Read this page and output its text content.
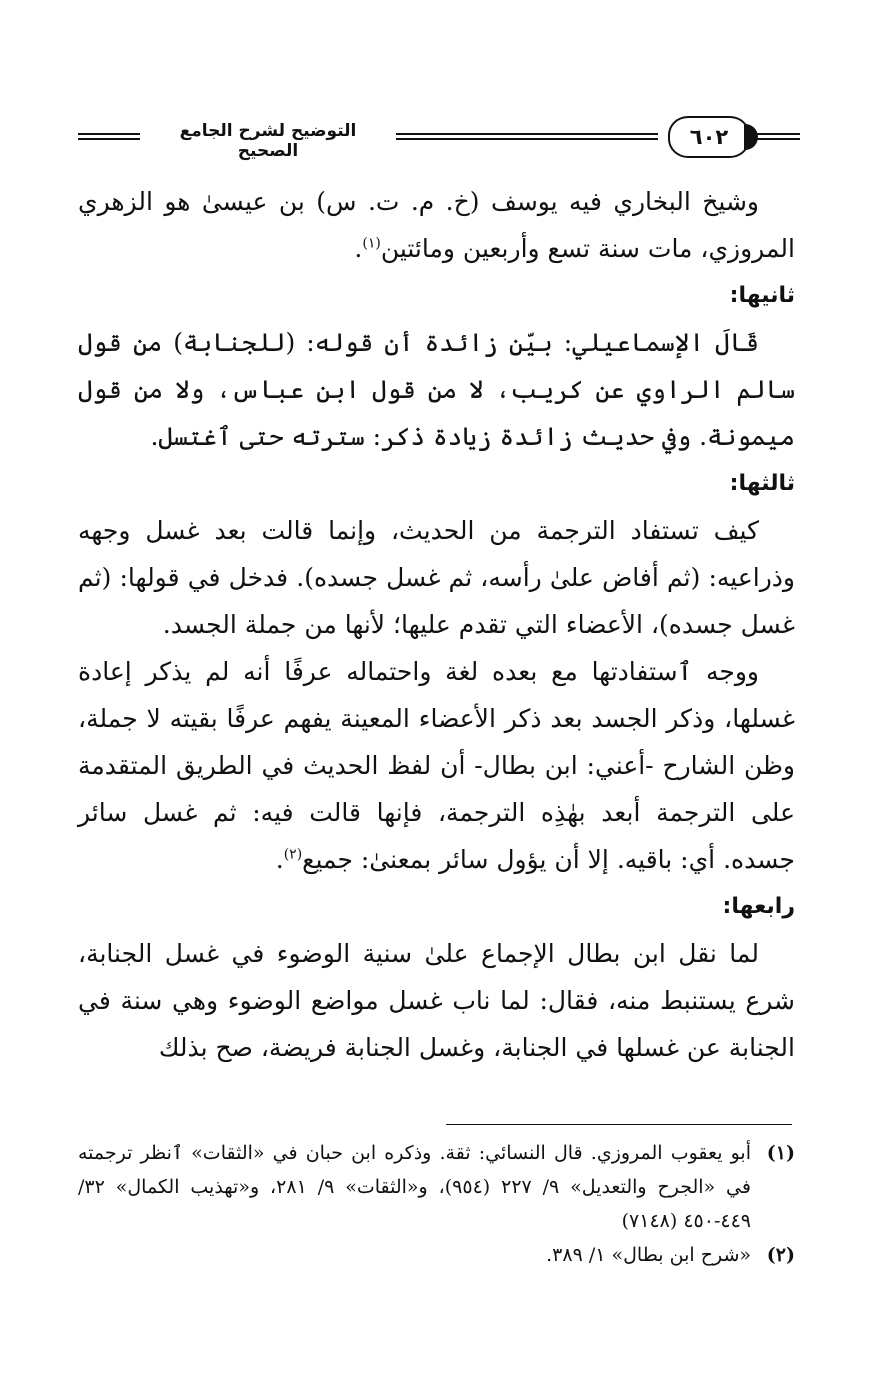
التوضيح لشرح الجامع الصحيح
٦٠٢

وشيخ البخاري فيه يوسف (خ. م. ت. س) بن عيسىٰ هو الزهري المروزي، مات سنة تسع وأربعين ومائتين$^{(١)}$.

ثانيها:

قَالَ الإسماعيلي: بيّن زائدة أن قوله: (للجنابة) من قول سالم الراوي عن كريب، لا من قول ابن عباس، ولا من قول ميمونة. وفي حديث زائدة زيادة ذكر: سترته حتى ٱغتسل.

ثالثها:

كيف تستفاد الترجمة من الحديث، وإنما قالت بعد غسل وجهه وذراعيه: (ثم أفاض علىٰ رأسه، ثم غسل جسده). فدخل في قولها: (ثم غسل جسده)، الأعضاء التي تقدم عليها؛ لأنها من جملة الجسد.

ووجه ٱستفادتها مع بعده لغة واحتماله عرفًا أنه لم يذكر إعادة غسلها، وذكر الجسد بعد ذكر الأعضاء المعينة يفهم عرفًا بقيته لا جملة، وظن الشارح -أعني: ابن بطال- أن لفظ الحديث في الطريق المتقدمة على الترجمة أبعد بهٰذِه الترجمة، فإنها قالت فيه: ثم غسل سائر جسده. أي: باقيه. إلا أن يؤول سائر بمعنىٰ: جميع$^{(٢)}$.

رابعها:

لما نقل ابن بطال الإجماع علىٰ سنية الوضوء في غسل الجنابة، شرع يستنبط منه، فقال: لما ناب غسل مواضع الوضوء وهي سنة في الجنابة عن غسلها في الجنابة، وغسل الجنابة فريضة، صح بذلك

(١)
أبو يعقوب المروزي. قال النسائي: ثقة. وذكره ابن حبان في «الثقات» ٱنظر ترجمته في «الجرح والتعديل» ٩/ ٢٢٧ (٩٥٤)، و«الثقات» ٩/ ٢٨١، و«تهذيب الكمال» ٣٢/ ٤٤٩-٤٥٠ (٧١٤٨)
(٢)
«شرح ابن بطال» ١/ ٣٨٩.
